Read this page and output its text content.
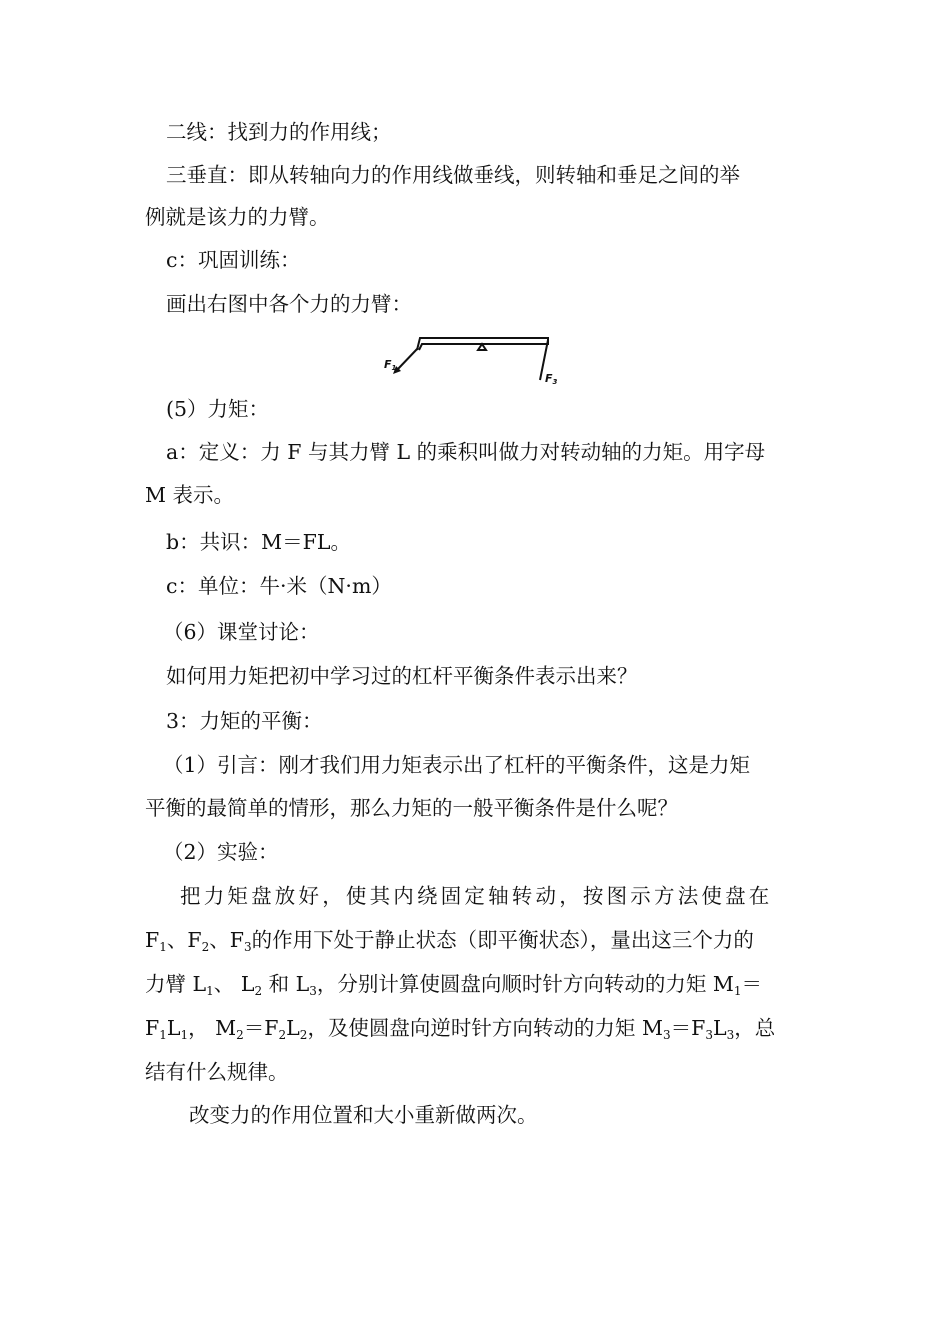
二线：找到力的作用线；
三垂直：即从转轴向力的作用线做垂线，则转轴和垂足之间的举
例就是该力的力臂。
c：巩固训练：
画出右图中各个力的力臂：
F1
F3
(5）力矩：
a：定义：力 F 与其力臂 L 的乘积叫做力对转动轴的力矩。用字母
M 表示。
b：共识：M＝FL。
c：单位：牛·米（N·m）
（6）课堂讨论：
如何用力矩把初中学习过的杠杆平衡条件表示出来？
3：力矩的平衡：
（1）引言：刚才我们用力矩表示出了杠杆的平衡条件，这是力矩
平衡的最简单的情形，那么力矩的一般平衡条件是什么呢？
（2）实验：
把力矩盘放好，使其内绕固定轴转动，按图示方法使盘在
$F_1$、$F_2$、$F_3$的作用下处于静止状态（即平衡状态），量出这三个力的
力臂 $L_1$、 $L_2$ 和 $L_3$，分别计算使圆盘向顺时针方向转动的力矩 $M_1=$
$F_1L_1$， $M_2=F_2L_2$，及使圆盘向逆时针方向转动的力矩 $M_3=F_3L_3$，总
结有什么规律。
改变力的作用位置和大小重新做两次。
